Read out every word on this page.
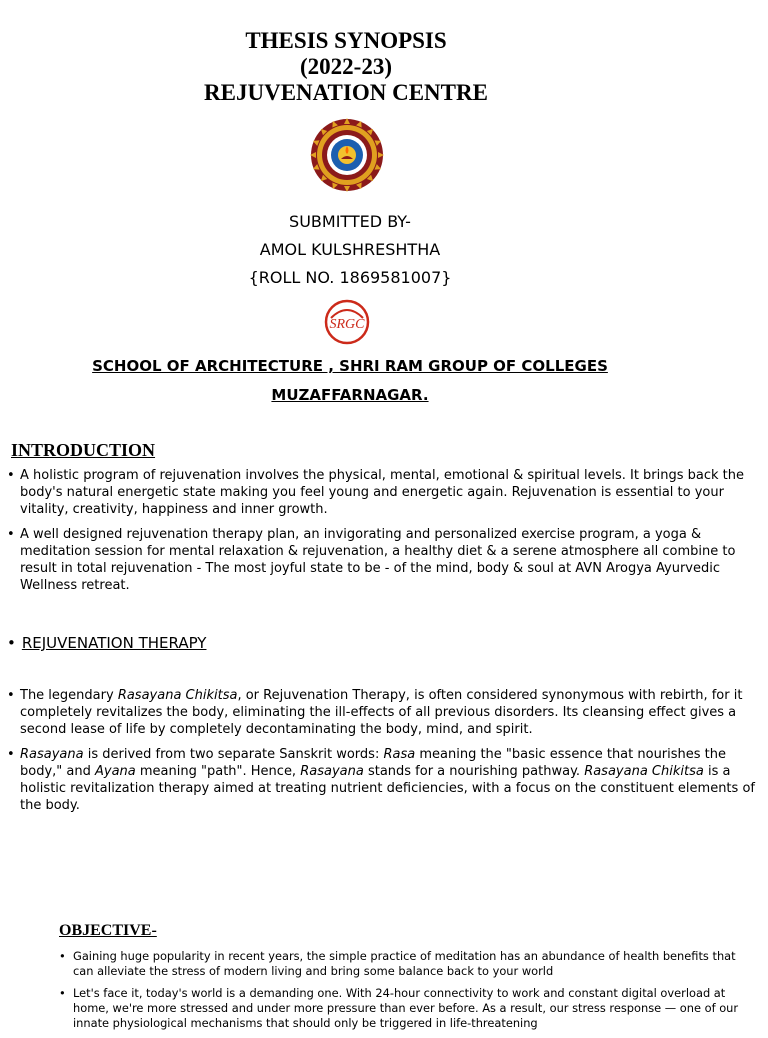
THESIS SYNOPSIS
(2022-23)
REJUVENATION CENTRE
SUBMITTED BY-
AMOL KULSHRESHTHA
{ROLL NO. 1869581007}
SRGC
SCHOOL OF ARCHITECTURE , SHRI RAM GROUP OF COLLEGES
MUZAFFARNAGAR.
INTRODUCTION
• A holistic program of rejuvenation involves the physical, mental, emotional & spiritual levels. It brings back the body's natural energetic state making you feel young and energetic again. Rejuvenation is essential to your vitality, creativity, happiness and inner growth.
• A well designed rejuvenation therapy plan, an invigorating and personalized exercise program, a yoga & meditation session for mental relaxation & rejuvenation, a healthy diet & a serene atmosphere all combine to result in total rejuvenation - The most joyful state to be - of the mind, body & soul at AVN Arogya Ayurvedic Wellness retreat.
• REJUVENATION THERAPY
• The legendary Rasayana Chikitsa, or Rejuvenation Therapy, is often considered synonymous with rebirth, for it completely revitalizes the body, eliminating the ill-effects of all previous disorders. Its cleansing effect gives a second lease of life by completely decontaminating the body, mind, and spirit.
• Rasayana is derived from two separate Sanskrit words: Rasa meaning the "basic essence that nourishes the body," and Ayana meaning "path". Hence, Rasayana stands for a nourishing pathway. Rasayana Chikitsa is a holistic revitalization therapy aimed at treating nutrient deficiencies, with a focus on the constituent elements of the body.
OBJECTIVE-
• Gaining huge popularity in recent years, the simple practice of meditation has an abundance of health benefits that can alleviate the stress of modern living and bring some balance back to your world
• Let's face it, today's world is a demanding one. With 24-hour connectivity to work and constant digital overload at home, we're more stressed and under more pressure than ever before. As a result, our stress response — one of our innate physiological mechanisms that should only be triggered in life-threatening
